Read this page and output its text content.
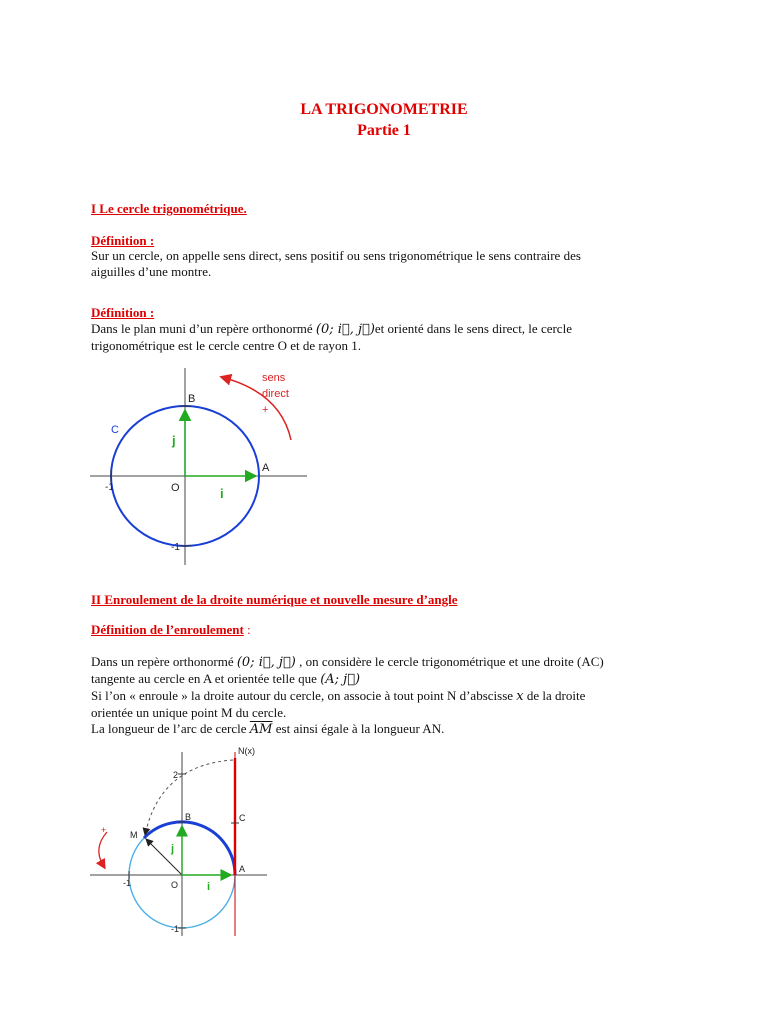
LA TRIGONOMETRIE
Partie 1
I Le cercle trigonométrique.
Définition :
Sur un cercle, on appelle sens direct, sens positif ou sens trigonométrique le sens contraire des
aiguilles d’une montre.
Définition :
Dans le plan muni d’un repère orthonormé (0; i⃗, j⃗)et orienté dans le sens direct, le cercle
trigonométrique est le cercle centre O et de rayon 1.
C
B
A
O	i
j
-1
-1
sens
direct
+
II Enroulement de la droite numérique et nouvelle mesure d’angle
Définition de l’enroulement :
Dans un repère orthonormé (0; i⃗, j⃗) , on considère le cercle trigonométrique et une droite (AC)
tangente au cercle en A et orientée telle que (A; j⃗)
Si l’on « enroule » la droite autour du cercle, on associe à tout point N d’abscisse x de la droite
orientée un unique point M du cercle.
La longueur de l’arc de cercle $\overline{AM}$ est ainsi égale à la longueur AN.
N(x)
2
C
B
M
A
O	i
j
-1
-1
+
